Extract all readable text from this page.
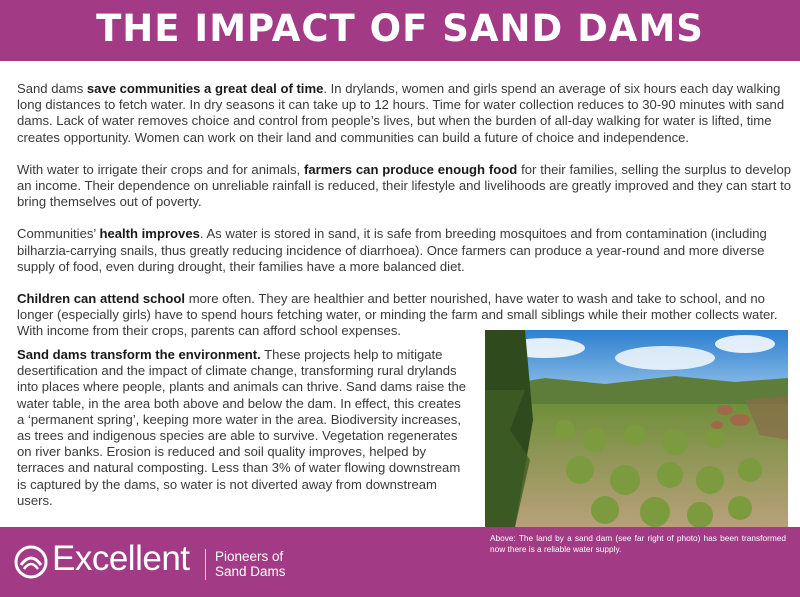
THE IMPACT OF SAND DAMS

Sand dams save communities a great deal of time. In drylands, women and girls spend an average of six hours each day walking long distances to fetch water. In dry seasons it can take up to 12 hours. Time for water collection reduces to 30-90 minutes with sand dams. Lack of water removes choice and control from people’s lives, but when the burden of all-day walking for water is lifted, time creates opportunity. Women can work on their land and communities can build a future of choice and independence.

With water to irrigate their crops and for animals, farmers can produce enough food for their families, selling the surplus to develop an income. Their dependence on unreliable rainfall is reduced, their lifestyle and livelihoods are greatly improved and they can start to bring themselves out of poverty.

Communities’ health improves. As water is stored in sand, it is safe from breeding mosquitoes and from contamination (including bilharzia-carrying snails, thus greatly reducing incidence of diarrhoea). Once farmers can produce a year-round and more diverse supply of food, even during drought, their families have a more balanced diet.

Children can attend school more often. They are healthier and better nourished, have water to wash and take to school, and no longer (especially girls) have to spend hours fetching water, or minding the farm and small siblings while their mother collects water. With income from their crops, parents can afford school expenses.

Sand dams transform the environment. These projects help to mitigate desertification and the impact of climate change, transforming rural drylands into places where people, plants and animals can thrive. Sand dams raise the water table, in the area both above and below the dam. In effect, this creates a ‘permanent spring’, keeping more water in the area. Biodiversity increases, as trees and indigenous species are able to survive. Vegetation regenerates on river banks. Erosion is reduced and soil quality improves, helped by terraces and natural composting. Less than 3% of water flowing downstream is captured by the dams, so water is not diverted away from downstream users.

Excellent Pioneers of
Sand Dams
Above: The land by a sand dam (see far right of photo) has been transformed now there is a reliable water supply.
